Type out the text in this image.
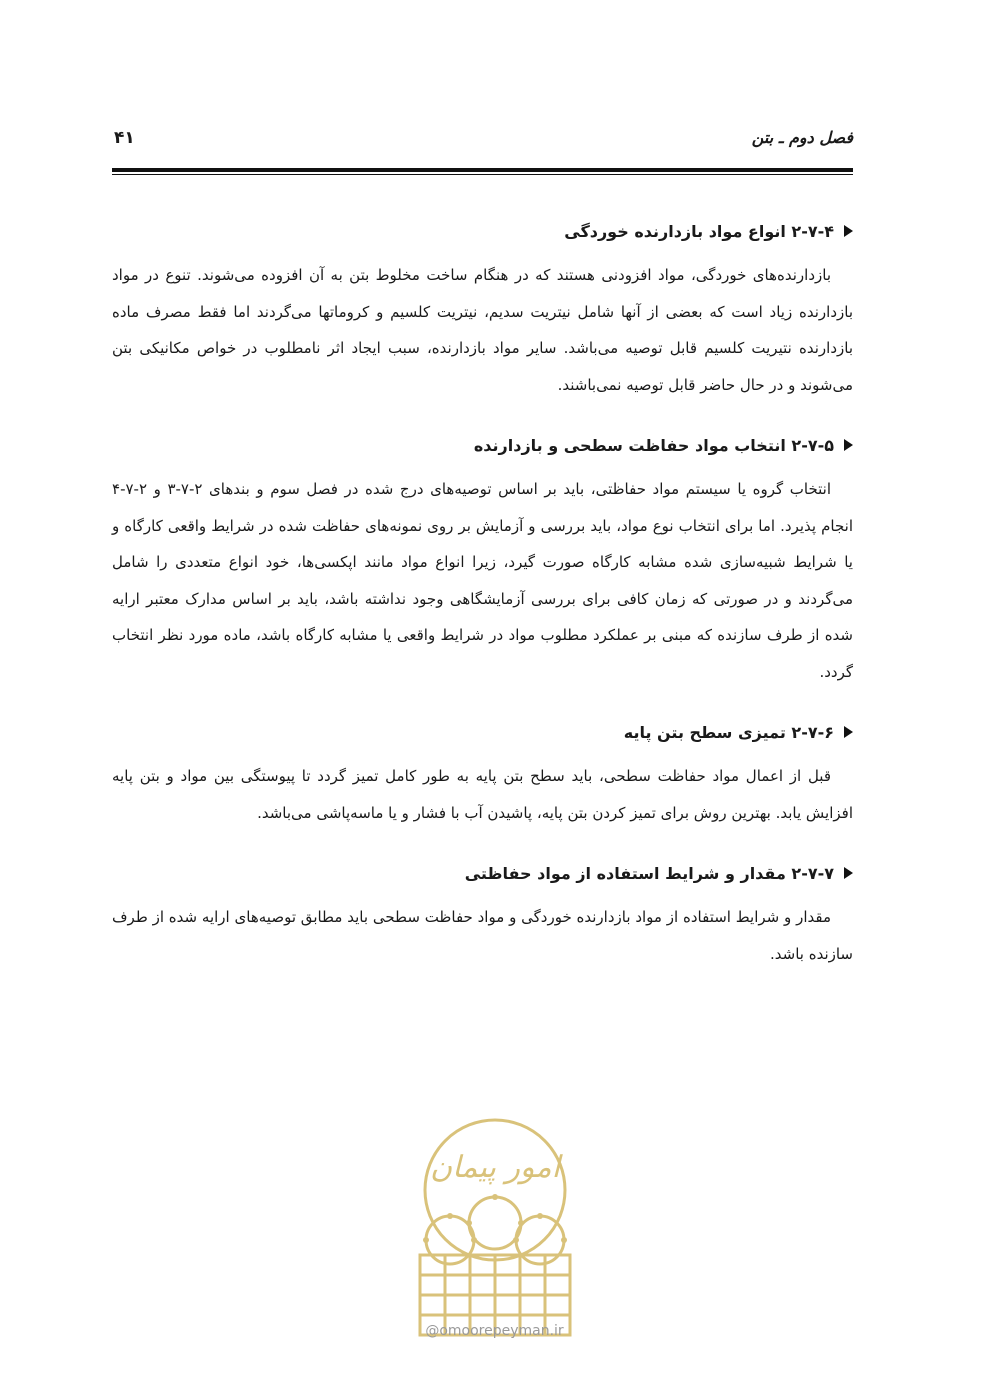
فصل دوم ـ بتن
۴۱
۲-۷-۴ انواع مواد بازدارنده خوردگی

بازدارنده‌های خوردگی، مواد افزودنی هستند که در هنگام ساخت مخلوط بتن به آن افزوده می‌شوند. تنوع در مواد بازدارنده زیاد است که بعضی از آنها شامل نیتریت سدیم، نیتریت کلسیم و کروماتها می‌گردند اما فقط مصرف ماده بازدارنده نتیریت کلسیم قابل توصیه می‌باشد. سایر مواد بازدارنده، سبب ایجاد اثر نامطلوب در خواص مکانیکی بتن می‌شوند و در حال حاضر قابل توصیه نمی‌باشند.

۲-۷-۵ انتخاب مواد حفاظت سطحی و بازدارنده

انتخاب گروه یا سیستم مواد حفاظتی، باید بر اساس توصیه‌های درج شده در فصل سوم و بندهای ۲-۷-۳ و ۲-۷-۴ انجام پذیرد. اما برای انتخاب نوع مواد، باید بررسی و آزمایش بر روی نمونه‌های حفاظت شده در شرایط واقعی کارگاه و یا شرایط شبیه‌سازی شده مشابه کارگاه صورت گیرد، زیرا انواع مواد مانند اپکسی‌ها، خود انواع متعددی را شامل می‌گردند و در صورتی که زمان کافی برای بررسی آزمایشگاهی وجود نداشته باشد، باید بر اساس مدارک معتبر ارایه شده از طرف سازنده که مبنی بر عملکرد مطلوب مواد در شرایط واقعی یا مشابه کارگاه باشد، ماده مورد نظر انتخاب گردد.

۲-۷-۶ تمیزی سطح بتن پایه

قبل از اعمال مواد حفاظت سطحی، باید سطح بتن پایه به طور کامل تمیز گردد تا پیوستگی بین مواد و بتن پایه افزایش یابد. بهترین روش برای تمیز کردن بتن پایه، پاشیدن آب با فشار و یا ماسه‌پاشی می‌باشد.

۲-۷-۷ مقدار و شرایط استفاده از مواد حفاظتی

مقدار و شرایط استفاده از مواد بازدارنده خوردگی و مواد حفاظت سطحی باید مطابق توصیه‌های ارایه شده از طرف سازنده باشد.

امور پیمان
@omoorepeyman.ir
